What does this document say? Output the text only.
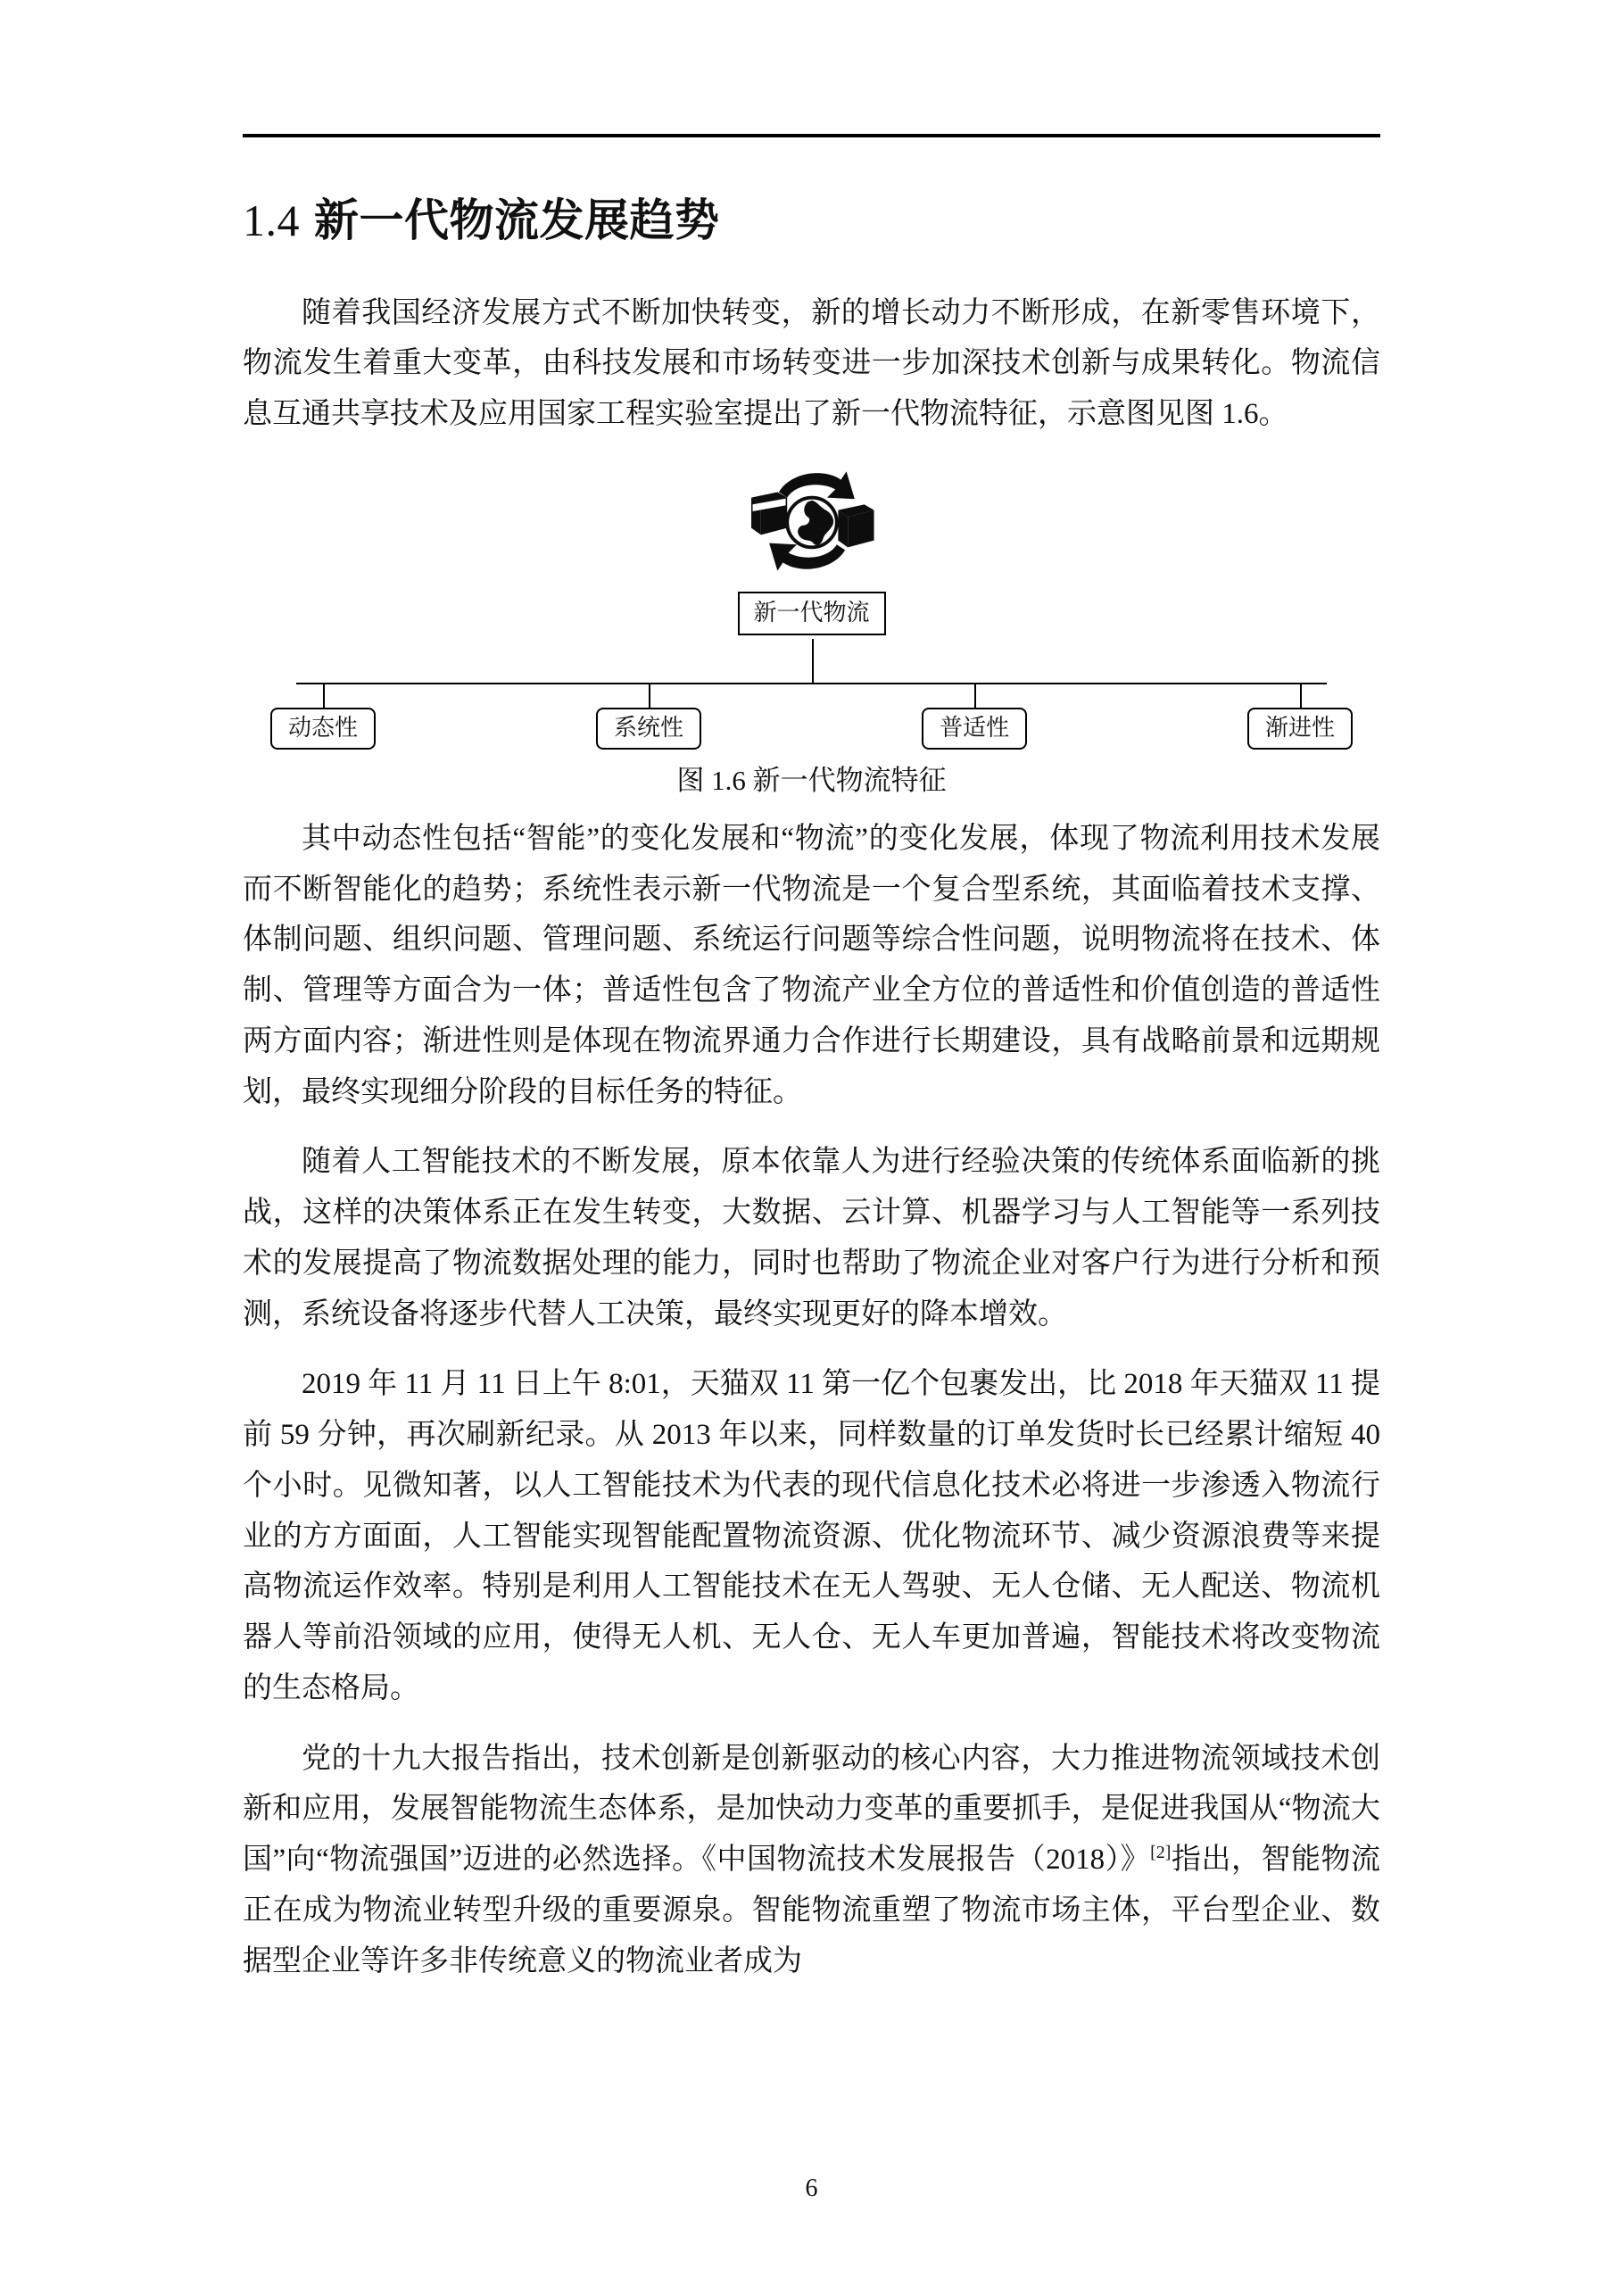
1.4 新一代物流发展趋势

随着我国经济发展方式不断加快转变，新的增长动力不断形成，在新零售环境下，物流发生着重大变革，由科技发展和市场转变进一步加深技术创新与成果转化。物流信息互通共享技术及应用国家工程实验室提出了新一代物流特征，示意图见图 1.6。

新一代物流
动态性	系统性	普适性	渐进性
图 1.6 新一代物流特征

其中动态性包括“智能”的变化发展和“物流”的变化发展，体现了物流利用技术发展而不断智能化的趋势；系统性表示新一代物流是一个复合型系统，其面临着技术支撑、体制问题、组织问题、管理问题、系统运行问题等综合性问题，说明物流将在技术、体制、管理等方面合为一体；普适性包含了物流产业全方位的普适性和价值创造的普适性两方面内容；渐进性则是体现在物流界通力合作进行长期建设，具有战略前景和远期规划，最终实现细分阶段的目标任务的特征。

随着人工智能技术的不断发展，原本依靠人为进行经验决策的传统体系面临新的挑战，这样的决策体系正在发生转变，大数据、云计算、机器学习与人工智能等一系列技术的发展提高了物流数据处理的能力，同时也帮助了物流企业对客户行为进行分析和预测，系统设备将逐步代替人工决策，最终实现更好的降本增效。

2019 年 11 月 11 日上午 8:01，天猫双 11 第一亿个包裹发出，比 2018 年天猫双 11 提前 59 分钟，再次刷新纪录。从 2013 年以来，同样数量的订单发货时长已经累计缩短 40 个小时。见微知著，以人工智能技术为代表的现代信息化技术必将进一步渗透入物流行业的方方面面，人工智能实现智能配置物流资源、优化物流环节、减少资源浪费等来提高物流运作效率。特别是利用人工智能技术在无人驾驶、无人仓储、无人配送、物流机器人等前沿领域的应用，使得无人机、无人仓、无人车更加普遍，智能技术将改变物流的生态格局。

党的十九大报告指出，技术创新是创新驱动的核心内容，大力推进物流领域技术创新和应用，发展智能物流生态体系，是加快动力变革的重要抓手，是促进我国从“物流大国”向“物流强国”迈进的必然选择。《中国物流技术发展报告（2018）》[2]指出，智能物流正在成为物流业转型升级的重要源泉。智能物流重塑了物流市场主体，平台型企业、数据型企业等许多非传统意义的物流业者成为

6
